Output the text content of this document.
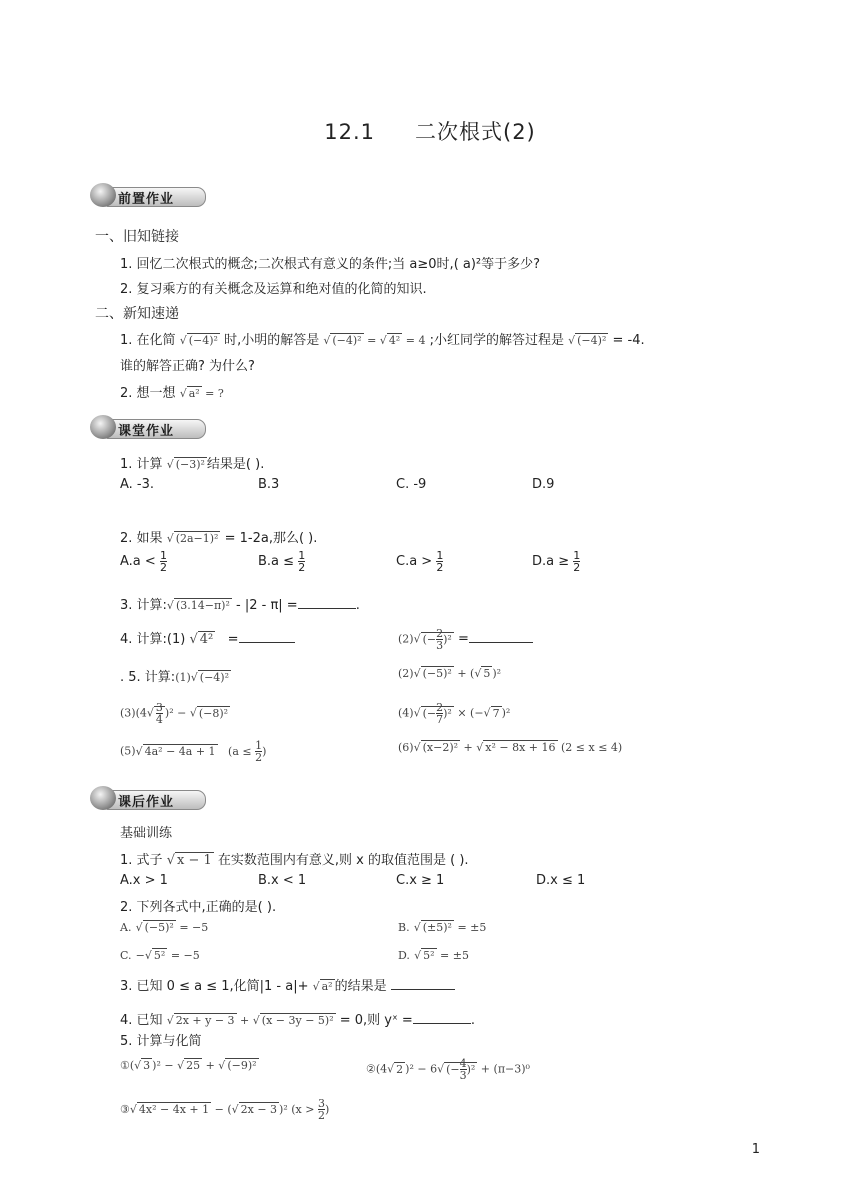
12.1 二次根式(2)
前置作业
一、旧知链接
1. 回忆二次根式的概念;二次根式有意义的条件;当 a≥0时,( a)²等于多少?
2. 复习乘方的有关概念及运算和绝对值的化简的知识.
二、新知速递
1. 在化简 √ (−4)² 时,小明的解答是 √ (−4)² = √ 4² = 4 ;小红同学的解答过程是 √ (−4)² = -4.
谁的解答正确? 为什么?
2. 想一想 √ a² = ?
课堂作业
1. 计算 √ (−3)² 结果是( ).
A. -3.	B.3	C. -9	D.9
2. 如果 √ (2a−1)² = 1-2a,那么( ).
$A.a < \frac{1}{2}$	$B.a \le \frac{1}{2}$	$C.a > \frac{1}{2}$	$D.a \ge \frac{1}{2}$
3. 计算:√ (3.14−π)² - |2 - π| =	.
4. 计算:(1) √ 4² =	(2)√ (− $\frac{2}{3} )^2$ =
. 5. 计算:(1)√ (−4)²	(2)√ (−5)² + (√ 5 )²
$(3)(4√ \frac{3}{4} )^2$ − √ (−8)²	(4)√ (− $\frac{2}{7} )^2$ × (−√ 7 )²
(5)√ 4a² − 4a + 1   ($a \le \frac{1}{2}$ )	(6)√ (x−2)² + √ x² − 8x + 16 (2 ≤ x ≤ 4)
课后作业
基础训练
1. 式子 √ x − 1 在实数范围内有意义,则 x 的取值范围是 ( ).
A.x > 1	B.x < 1	C.x ≥ 1	D.x ≤ 1
2. 下列各式中,正确的是( ).
A. √ (−5)² = −5	B. √ (±5)² = ±5
C. −√ 5² = −5	D. √ 5² = ±5
3. 已知 0 ≤ a ≤ 1,化简|1 - a|+ √ a² 的结果是
4. 已知 √ 2x + y − 3 + √ (x − 3y − 5)² = 0,则 yˣ =	.
5. 计算与化简
①(√ 3 )² − √ 25 + √ (−9)²	②(4√ 2 )² − 6√ (− $\frac{4}{3} )^2 + (\pi-3)^0$
③√ 4x² − 4x + 1 − (√ 2x − 3 )² ($x > \frac{3}{2}$ )
1
